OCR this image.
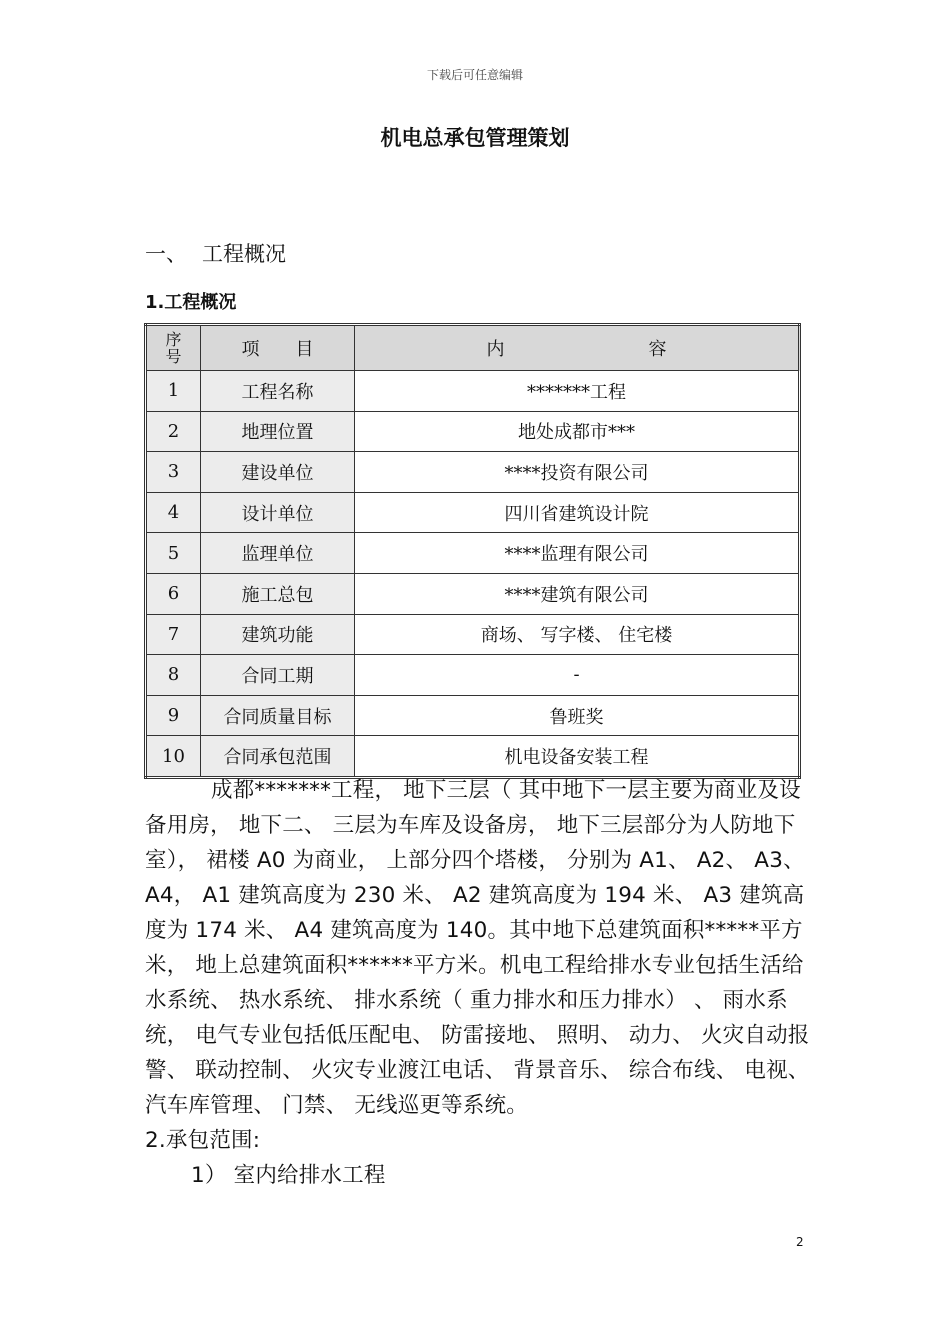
下载后可任意编辑
机电总承包管理策划
一、 工程概况
1.工程概况
序号	项　　目	内　　　　　　　　容
1	工程名称	*******工程
2	地理位置	地处成都市***
3	建设单位	****投资有限公司
4	设计单位	四川省建筑设计院
5	监理单位	****监理有限公司
6	施工总包	****建筑有限公司
7	建筑功能	商场、 写字楼、 住宅楼
8	合同工期	-
9	合同质量目标	鲁班奖
10	合同承包范围	机电设备安装工程

成都*******工程， 地下三层（ 其中地下一层主要为商业及设备用房， 地下二、 三层为车库及设备房， 地下三层部分为人防地下室）， 裙楼 A0 为商业， 上部分四个塔楼， 分别为 A1、 A2、 A3、 A4， A1 建筑高度为 230 米、 A2 建筑高度为 194 米、 A3 建筑高度为 174 米、 A4 建筑高度为 140。其中地下总建筑面积*****平方米， 地上总建筑面积******平方米。机电工程给排水专业包括生活给水系统、 热水系统、 排水系统（ 重力排水和压力排水） 、 雨水系统， 电气专业包括低压配电、 防雷接地、 照明、 动力、 火灾自动报警、 联动控制、 火灾专业渡江电话、 背景音乐、 综合布线、 电视、 汽车库管理、 门禁、 无线巡更等系统。

2.承包范围:

1） 室内给排水工程

2
